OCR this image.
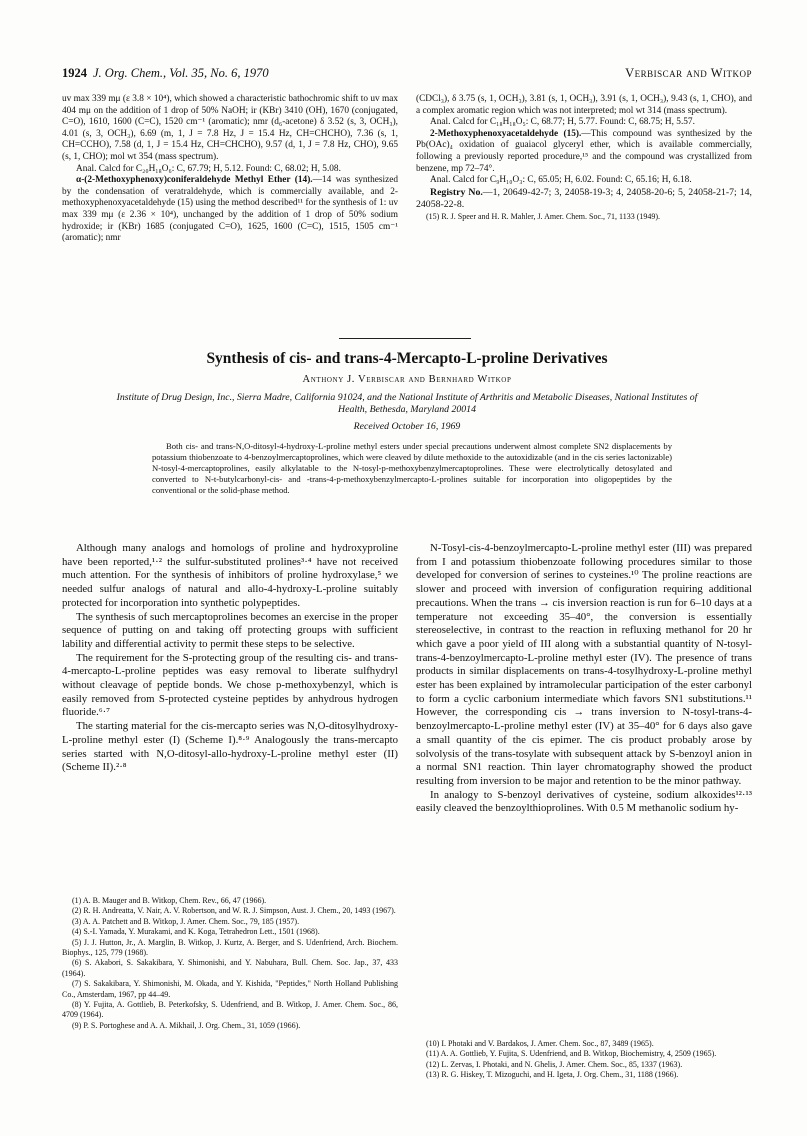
1924 J. Org. Chem., Vol. 35, No. 6, 1970	Verbiscar and Witkop

uv max 339 mμ (ε 3.8 × 10⁴), which showed a characteristic bathochromic shift to uv max 404 mμ on the addition of 1 drop of 50% NaOH; ir (KBr) 3410 (OH), 1670 (conjugated, C=O), 1610, 1600 (C=C), 1520 cm⁻¹ (aromatic); nmr (d₆-acetone) δ 3.52 (s, 3, OCH₃), 4.01 (s, 3, OCH₃), 6.69 (m, 1, J = 7.8 Hz, J = 15.4 Hz, CH=CHCHO), 7.36 (s, 1, CH=CCHO), 7.58 (d, 1, J = 15.4 Hz, CH=CHCHO), 9.57 (d, 1, J = 7.8 Hz, CHO), 9.65 (s, 1, CHO); mol wt 354 (mass spectrum).

Anal. Calcd for C₂₀H₁₈O₆: C, 67.79; H, 5.12. Found: C, 68.02; H, 5.08.

α-(2-Methoxyphenoxy)coniferaldehyde Methyl Ether (14).—14 was synthesized by the condensation of veratraldehyde, which is commercially available, and 2-methoxyphenoxyacetaldehyde (15) using the method described¹¹ for the synthesis of 1: uv max 339 mμ (ε 2.36 × 10⁴), unchanged by the addition of 1 drop of 50% sodium hydroxide; ir (KBr) 1685 (conjugated C=O), 1625, 1600 (C=C), 1515, 1505 cm⁻¹ (aromatic); nmr

(CDCl₃), δ 3.75 (s, 1, OCH₃), 3.81 (s, 1, OCH₃), 3.91 (s, 1, OCH₃), 9.43 (s, 1, CHO), and a complex aromatic region which was not interpreted; mol wt 314 (mass spectrum).

Anal. Calcd for C₁₈H₁₈O₅: C, 68.77; H, 5.77. Found: C, 68.75; H, 5.57.

2-Methoxyphenoxyacetaldehyde (15).—This compound was synthesized by the Pb(OAc)₄ oxidation of guaiacol glyceryl ether, which is available commercially, following a previously reported procedure,¹⁵ and the compound was crystallized from benzene, mp 72–74°.

Anal. Calcd for C₉H₁₀O₃: C, 65.05; H, 6.02. Found: C, 65.16; H, 6.18.

Registry No.—1, 20649-42-7; 3, 24058-19-3; 4, 24058-20-6; 5, 24058-21-7; 14, 24058-22-8.

(15) R. J. Speer and H. R. Mahler, J. Amer. Chem. Soc., 71, 1133 (1949).

Synthesis of cis- and trans-4-Mercapto-L-proline Derivatives
Anthony J. Verbiscar and Bernhard Witkop
Institute of Drug Design, Inc., Sierra Madre, California 91024, and the National Institute of Arthritis and Metabolic Diseases, National Institutes of Health, Bethesda, Maryland 20014
Received October 16, 1969
Both cis- and trans-N,O-ditosyl-4-hydroxy-L-proline methyl esters under special precautions underwent almost complete SN2 displacements by potassium thiobenzoate to 4-benzoylmercaptoprolines, which were cleaved by dilute methoxide to the autoxidizable (and in the cis series lactonizable) N-tosyl-4-mercaptoprolines, easily alkylatable to the N-tosyl-p-methoxybenzylmercaptoprolines. These were electrolytically detosylated and converted to N-t-butylcarbonyl-cis- and -trans-4-p-methoxybenzylmercapto-L-prolines suitable for incorporation into oligopeptides by the conventional or the solid-phase method.

Although many analogs and homologs of proline and hydroxyproline have been reported,¹·² the sulfur-substituted prolines³·⁴ have not received much attention. For the synthesis of inhibitors of proline hydroxylase,⁵ we needed sulfur analogs of natural and allo-4-hydroxy-L-proline suitably protected for incorporation into synthetic polypeptides.

The synthesis of such mercaptoprolines becomes an exercise in the proper sequence of putting on and taking off protecting groups with sufficient lability and differential activity to permit these steps to be selective.

The requirement for the S-protecting group of the resulting cis- and trans-4-mercapto-L-proline peptides was easy removal to liberate sulfhydryl without cleavage of peptide bonds. We chose p-methoxybenzyl, which is easily removed from S-protected cysteine peptides by anhydrous hydrogen fluoride.⁶·⁷

The starting material for the cis-mercapto series was N,O-ditosylhydroxy-L-proline methyl ester (I) (Scheme I).⁸·⁹ Analogously the trans-mercapto series started with N,O-ditosyl-allo-hydroxy-L-proline methyl ester (II) (Scheme II).²·⁸

N-Tosyl-cis-4-benzoylmercapto-L-proline methyl ester (III) was prepared from I and potassium thiobenzoate following procedures similar to those developed for conversion of serines to cysteines.¹⁰ The proline reactions are slower and proceed with inversion of configuration requiring additional precautions. When the trans → cis inversion reaction is run for 6–10 days at a temperature not exceeding 35–40°, the conversion is essentially stereoselective, in contrast to the reaction in refluxing methanol for 20 hr which gave a poor yield of III along with a substantial quantity of N-tosyl-trans-4-benzoylmercapto-L-proline methyl ester (IV). The presence of trans products in similar displacements on trans-4-tosylhydroxy-L-proline methyl ester has been explained by intramolecular participation of the ester carbonyl to form a cyclic carbonium intermediate which favors SN1 substitutions.¹¹ However, the corresponding cis → trans inversion to N-tosyl-trans-4-benzoylmercapto-L-proline methyl ester (IV) at 35–40° for 6 days also gave a small quantity of the cis epimer. The cis product probably arose by solvolysis of the trans-tosylate with subsequent attack by S-benzoyl anion in a normal SN1 reaction. Thin layer chromatography showed the product resulting from inversion to be major and retention to be the minor pathway.

In analogy to S-benzoyl derivatives of cysteine, sodium alkoxides¹²·¹³ easily cleaved the benzoylthioprolines. With 0.5 M methanolic sodium hy-

(1) A. B. Mauger and B. Witkop, Chem. Rev., 66, 47 (1966).
(2) R. H. Andreatta, V. Nair, A. V. Robertson, and W. R. J. Simpson, Aust. J. Chem., 20, 1493 (1967).
(3) A. A. Patchett and B. Witkop, J. Amer. Chem. Soc., 79, 185 (1957).
(4) S.-I. Yamada, Y. Murakami, and K. Koga, Tetrahedron Lett., 1501 (1968).
(5) J. J. Hutton, Jr., A. Marglin, B. Witkop, J. Kurtz, A. Berger, and S. Udenfriend, Arch. Biochem. Biophys., 125, 779 (1968).
(6) S. Akabori, S. Sakakibara, Y. Shimonishi, and Y. Nabuhara, Bull. Chem. Soc. Jap., 37, 433 (1964).
(7) S. Sakakibara, Y. Shimonishi, M. Okada, and Y. Kishida, "Peptides," North Holland Publishing Co., Amsterdam, 1967, pp 44–49.
(8) Y. Fujita, A. Gottlieb, B. Peterkofsky, S. Udenfriend, and B. Witkop, J. Amer. Chem. Soc., 86, 4709 (1964).
(9) P. S. Portoghese and A. A. Mikhail, J. Org. Chem., 31, 1059 (1966).
(10) I. Photaki and V. Bardakos, J. Amer. Chem. Soc., 87, 3489 (1965).
(11) A. A. Gottlieb, Y. Fujita, S. Udenfriend, and B. Witkop, Biochemistry, 4, 2509 (1965).
(12) L. Zervas, I. Photaki, and N. Ghelis, J. Amer. Chem. Soc., 85, 1337 (1963).
(13) R. G. Hiskey, T. Mizoguchi, and H. Igeta, J. Org. Chem., 31, 1188 (1966).
